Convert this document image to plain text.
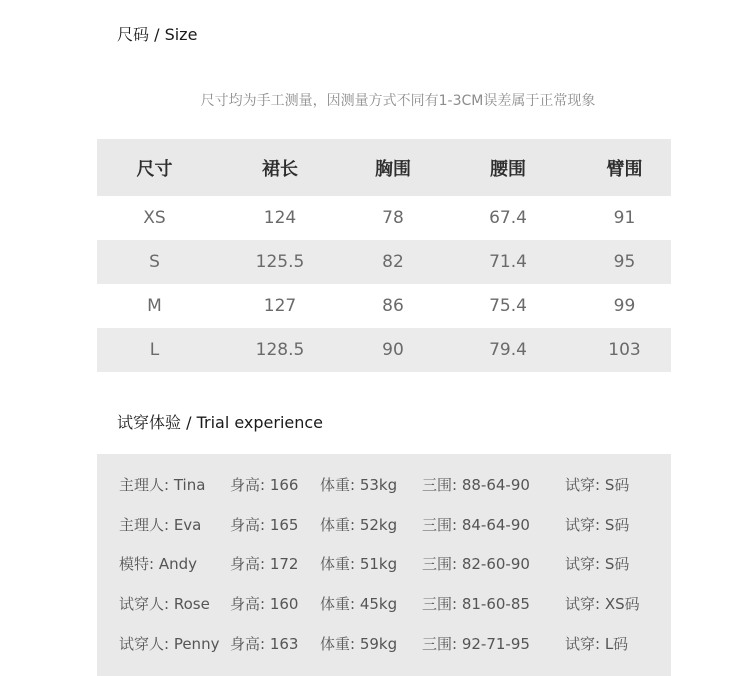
尺码 / Size
尺寸均为手工测量，因测量方式不同有1-3CM误差属于正常现象
尺寸	裙长	胸围	腰围	臂围
XS	124	78	67.4	91
S	125.5	82	71.4	95
M	127	86	75.4	99
L	128.5	90	79.4	103
试穿体验 / Trial experience
主理人: Tina 身高: 166 体重: 53kg 三围: 88-64-90 试穿: S码
主理人: Eva 身高: 165 体重: 52kg 三围: 84-64-90 试穿: S码
模特: Andy 身高: 172 体重: 51kg 三围: 82-60-90 试穿: S码
试穿人: Rose 身高: 160 体重: 45kg 三围: 81-60-85 试穿: XS码
试穿人: Penny 身高: 163 体重: 59kg 三围: 92-71-95 试穿: L码
